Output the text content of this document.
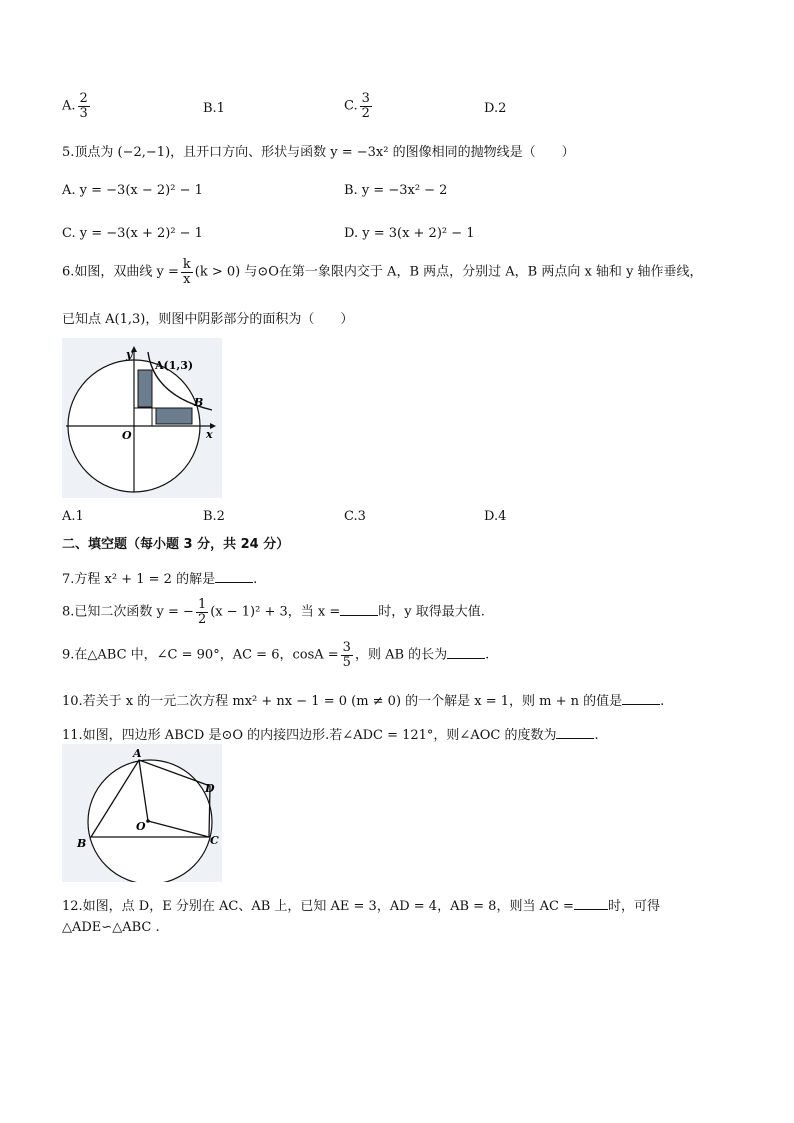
A. $\frac{2}{3}$	B.1	C. $\frac{3}{2}$	D.2
5.顶点为 (−2,−1)，且开口方向、形状与函数 y = −3x² 的图像相同的抛物线是（　　）
A. y = −3(x − 2)² − 1	B. y = −3x² − 2
C. y = −3(x + 2)² − 1	D. y = 3(x + 2)² − 1
6.如图，双曲线 $y = \frac{k}{x} (k > 0)$ 与⊙O在第一象限内交于 A，B 两点，分别过 A，B 两点向 x 轴和 y 轴作垂线，
已知点 A(1,3)，则图中阴影部分的面积为（　　）
y
x
O
A(1,3)
B
A.1	B.2	C.3	D.4
二、填空题（每小题 3 分，共 24 分）
7.方程 x² + 1 = 2 的解是	.
8.已知二次函数 y = − $\frac{1}{2} (x - 1)^2 + 3$，当 x =	时，y 取得最大值.
9.在△ABC 中，∠C = 90°，AC = 6，$\cos A = \frac{3}{5}$ ，则 AB 的长为	.
10.若关于 x 的一元二次方程 mx² + nx − 1 = 0 (m ≠ 0) 的一个解是 x = 1，则 m + n 的值是	.
11.如图，四边形 ABCD 是⊙O 的内接四边形.若∠ADC = 121°，则∠AOC 的度数为	.
A
B	C
D
O
12.如图，点 D，E 分别在 AC、AB 上，已知 AE = 3，AD = 4，AB = 8，则当 AC =	时，可得
△ADE∽△ABC .
